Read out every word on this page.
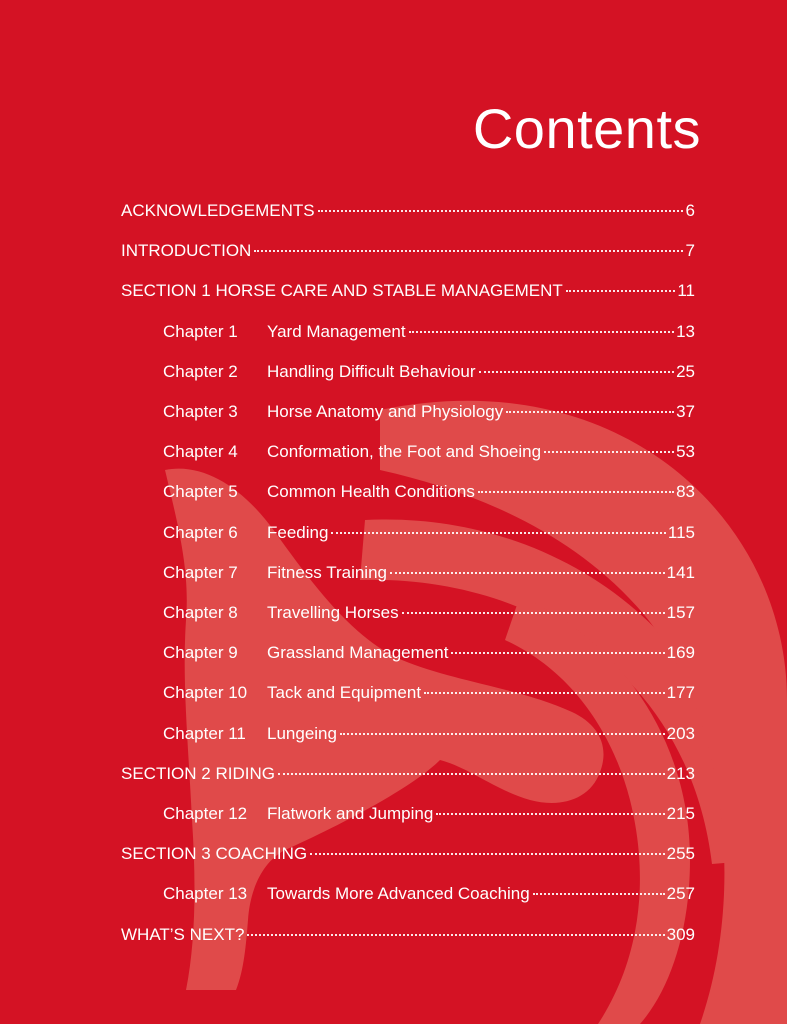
Contents
ACKNOWLEDGEMENTS	6
INTRODUCTION	7
SECTION 1 HORSE CARE AND STABLE MANAGEMENT	11
Chapter 1	Yard Management	13
Chapter 2	Handling Difficult Behaviour	25
Chapter 3	Horse Anatomy and Physiology	37
Chapter 4	Conformation, the Foot and Shoeing	53
Chapter 5	Common Health Conditions	83
Chapter 6	Feeding	115
Chapter 7	Fitness Training	141
Chapter 8	Travelling Horses	157
Chapter 9	Grassland Management	169
Chapter 10	Tack and Equipment	177
Chapter 11	Lungeing	203
SECTION 2 RIDING	213
Chapter 12	Flatwork and Jumping	215
SECTION 3 COACHING	255
Chapter 13	Towards More Advanced Coaching	257
WHAT’S NEXT?	309
